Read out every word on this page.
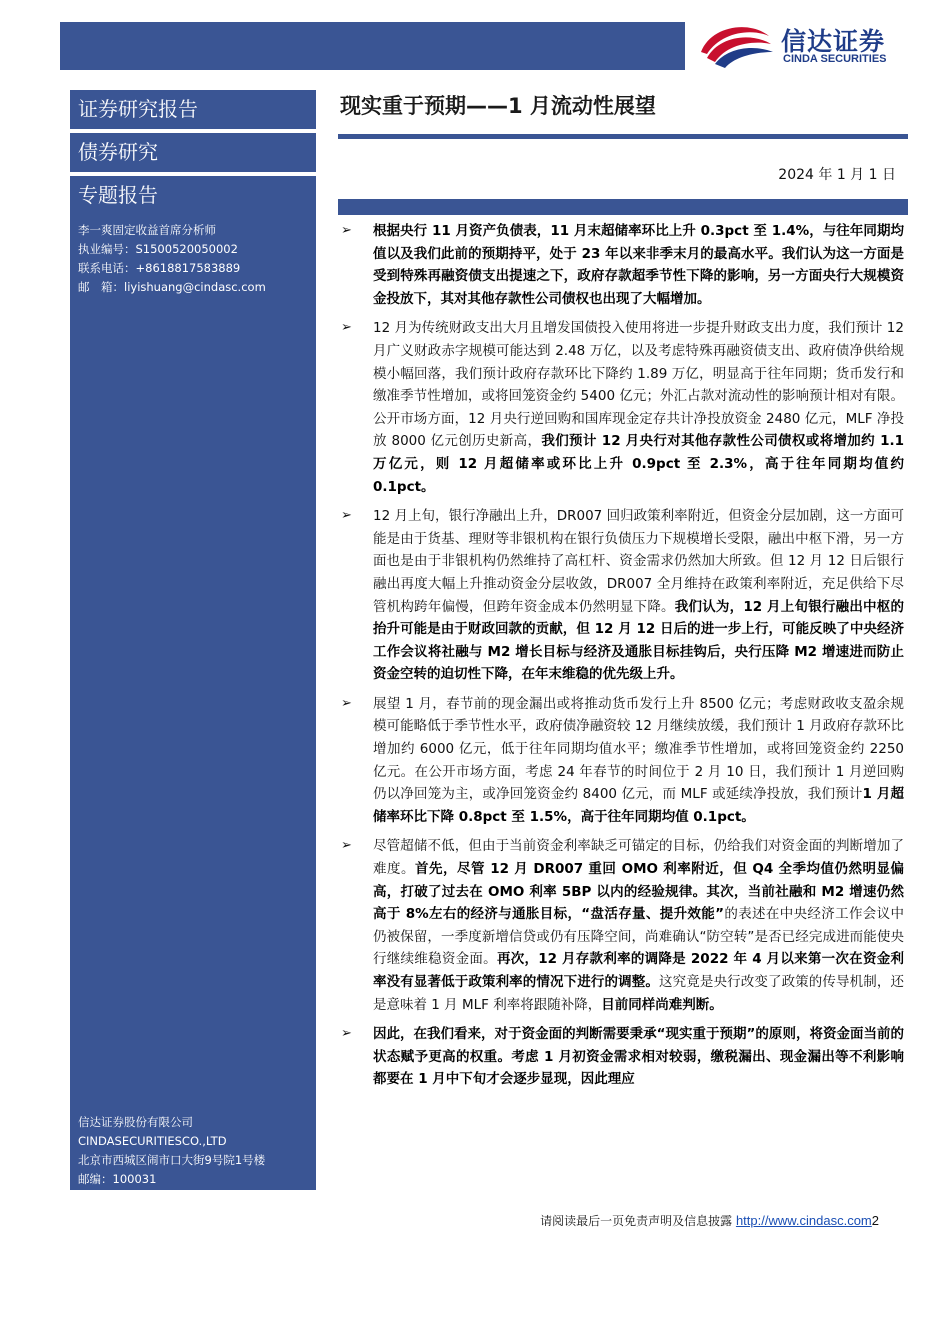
信达证券
CINDA SECURITIES
证券研究报告
债券研究
专题报告
李一爽固定收益首席分析师
执业编号：S1500520050002
联系电话：+8618817583889
邮　箱：liyishuang@cindasc.com
信达证券股份有限公司
CINDASECURITIESCO.,LTD
北京市西城区闹市口大街9号院1号楼
邮编：100031
现实重于预期——1 月流动性展望
2024 年 1 月 1 日
➢ 根据央行 11 月资产负债表，11 月末超储率环比上升 0.3pct 至 1.4%，与往年同期均值以及我们此前的预期持平，处于 23 年以来非季末月的最高水平。我们认为这一方面是受到特殊再融资债支出提速之下，政府存款超季节性下降的影响，另一方面央行大规模资金投放下，其对其他存款性公司债权也出现了大幅增加。
➢ 12 月为传统财政支出大月且增发国债投入使用将进一步提升财政支出力度，我们预计 12 月广义财政赤字规模可能达到 2.48 万亿，以及考虑特殊再融资债支出、政府债净供给规模小幅回落，我们预计政府存款环比下降约 1.89 万亿，明显高于往年同期；货币发行和缴准季节性增加，或将回笼资金约 5400 亿元；外汇占款对流动性的影响预计相对有限。公开市场方面，12 月央行逆回购和国库现金定存共计净投放资金 2480 亿元，MLF 净投放 8000 亿元创历史新高，我们预计 12 月央行对其他存款性公司债权或将增加约 1.1 万亿元，则 12 月超储率或环比上升 0.9pct 至 2.3%，高于往年同期均值约 0.1pct。
➢ 12 月上旬，银行净融出上升，DR007 回归政策利率附近，但资金分层加剧，这一方面可能是由于货基、理财等非银机构在银行负债压力下规模增长受限，融出中枢下滑，另一方面也是由于非银机构仍然维持了高杠杆、资金需求仍然加大所致。但 12 月 12 日后银行融出再度大幅上升推动资金分层收敛，DR007 全月维持在政策利率附近，充足供给下尽管机构跨年偏慢，但跨年资金成本仍然明显下降。我们认为，12 月上旬银行融出中枢的抬升可能是由于财政回款的贡献，但 12 月 12 日后的进一步上行，可能反映了中央经济工作会议将社融与 M2 增长目标与经济及通胀目标挂钩后，央行压降 M2 增速进而防止资金空转的迫切性下降，在年末维稳的优先级上升。
➢ 展望 1 月，春节前的现金漏出或将推动货币发行上升 8500 亿元；考虑财政收支盈余规模可能略低于季节性水平，政府债净融资较 12 月继续放缓，我们预计 1 月政府存款环比增加约 6000 亿元，低于往年同期均值水平；缴准季节性增加，或将回笼资金约 2250 亿元。在公开市场方面，考虑 24 年春节的时间位于 2 月 10 日，我们预计 1 月逆回购仍以净回笼为主，或净回笼资金约 8400 亿元，而 MLF 或延续净投放，我们预计1 月超储率环比下降 0.8pct 至 1.5%，高于往年同期均值 0.1pct。
➢ 尽管超储不低，但由于当前资金利率缺乏可锚定的目标，仍给我们对资金面的判断增加了难度。首先，尽管 12 月 DR007 重回 OMO 利率附近，但 Q4 全季均值仍然明显偏高，打破了过去在 OMO 利率 5BP 以内的经验规律。其次，当前社融和 M2 增速仍然高于 8%左右的经济与通胀目标，“盘活存量、提升效能”的表述在中央经济工作会议中仍被保留，一季度新增信贷或仍有压降空间，尚难确认“防空转”是否已经完成进而能使央行继续维稳资金面。再次，12 月存款利率的调降是 2022 年 4 月以来第一次在资金利率没有显著低于政策利率的情况下进行的调整。这究竟是央行改变了政策的传导机制，还是意味着 1 月 MLF 利率将跟随补降，目前同样尚难判断。
➢ 因此，在我们看来，对于资金面的判断需要秉承“现实重于预期”的原则，将资金面当前的状态赋予更高的权重。考虑 1 月初资金需求相对较弱，缴税漏出、现金漏出等不利影响都要在 1 月中下旬才会逐步显现，因此理应
请阅读最后一页免责声明及信息披露 http://www.cindasc.com2
